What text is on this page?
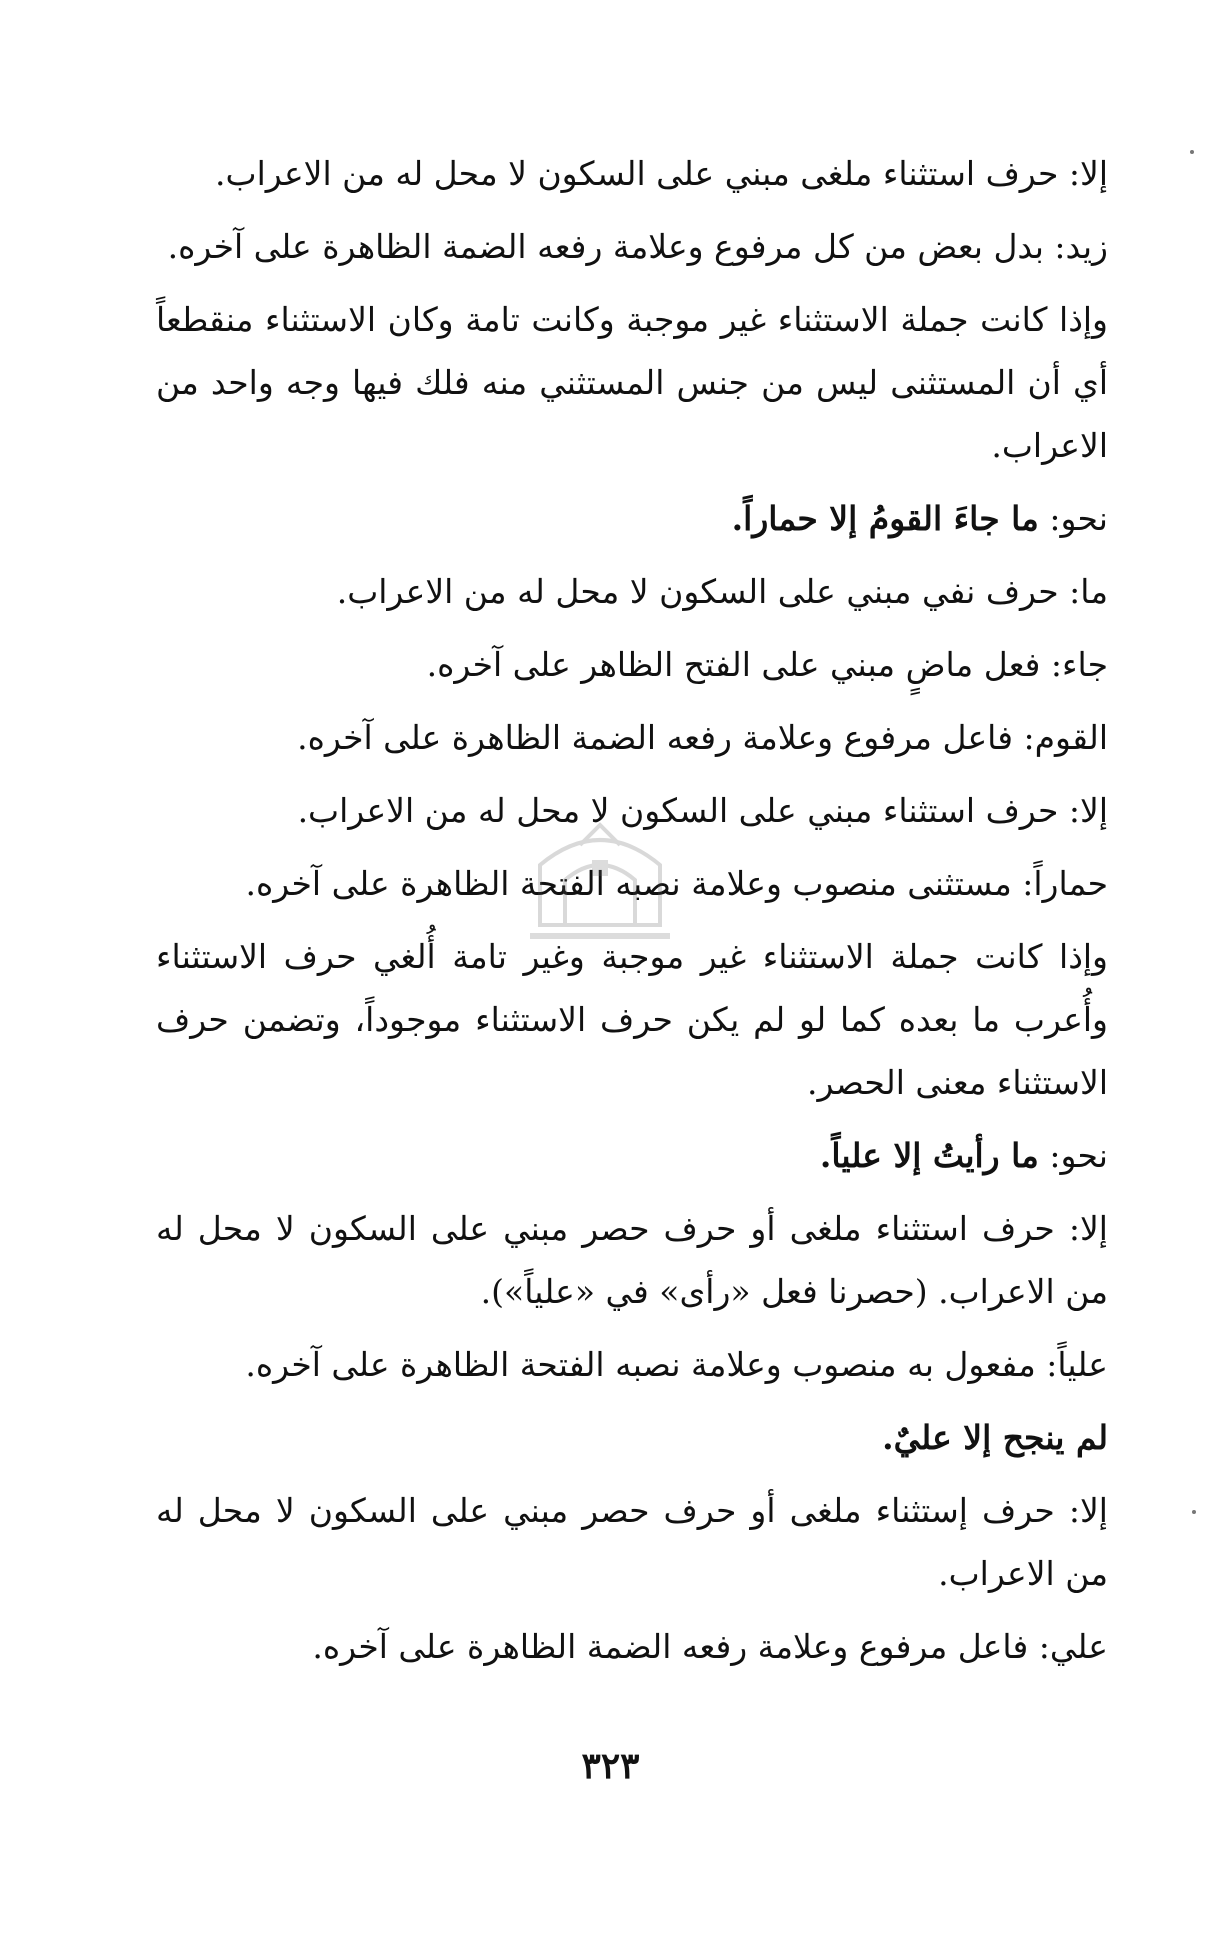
إلا: حرف استثناء ملغى مبني على السكون لا محل له من الاعراب.

زيد: بدل بعض من كل مرفوع وعلامة رفعه الضمة الظاهرة على آخره.

وإذا كانت جملة الاستثناء غير موجبة وكانت تامة وكان الاستثناء منقطعاً أي أن المستثنى ليس من جنس المستثني منه فلك فيها وجه واحد من الاعراب.

نحو: ما جاءَ القومُ إلا حماراً.

ما: حرف نفي مبني على السكون لا محل له من الاعراب.

جاء: فعل ماضٍ مبني على الفتح الظاهر على آخره.

القوم: فاعل مرفوع وعلامة رفعه الضمة الظاهرة على آخره.

إلا: حرف استثناء مبني على السكون لا محل له من الاعراب.

حماراً: مستثنى منصوب وعلامة نصبه الفتحة الظاهرة على آخره.

وإذا كانت جملة الاستثناء غير موجبة وغير تامة أُلغي حرف الاستثناء وأُعرب ما بعده كما لو لم يكن حرف الاستثناء موجوداً، وتضمن حرف الاستثناء معنى الحصر.

نحو: ما رأيتُ إلا علياً.

إلا: حرف استثناء ملغى أو حرف حصر مبني على السكون لا محل له من الاعراب. (حصرنا فعل «رأى» في «علياً»).

علياً: مفعول به منصوب وعلامة نصبه الفتحة الظاهرة على آخره.

لم ينجح إلا عليٌ.

إلا: حرف إستثناء ملغى أو حرف حصر مبني على السكون لا محل له من الاعراب.

علي: فاعل مرفوع وعلامة رفعه الضمة الظاهرة على آخره.

٣٢٣
